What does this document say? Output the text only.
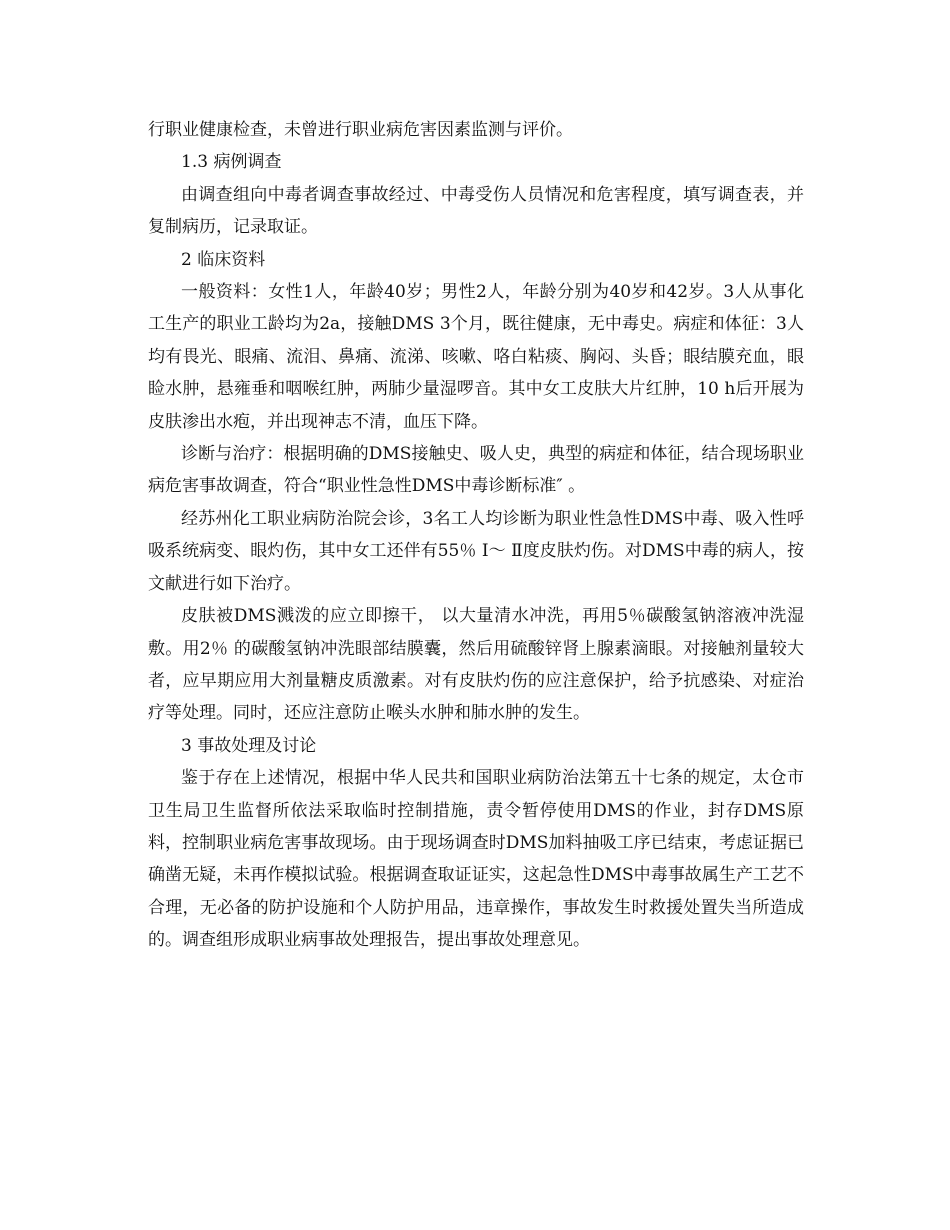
行职业健康检查，未曾进行职业病危害因素监测与评价。

1.3 病例调查

由调查组向中毒者调查事故经过、中毒受伤人员情况和危害程度，填写调查表，并复制病历，记录取证。

2 临床资料

一般资料：女性1人，年龄40岁；男性2人，年龄分别为40岁和42岁。3人从事化工生产的职业工龄均为2a，接触DMS 3个月，既往健康，无中毒史。病症和体征：3人均有畏光、眼痛、流泪、鼻痛、流涕、咳嗽、咯白粘痰、胸闷、头昏；眼结膜充血，眼睑水肿，悬雍垂和咽喉红肿，两肺少量湿啰音。其中女工皮肤大片红肿，10 h后开展为皮肤渗出水疱，并出现神志不清，血压下降。

诊断与治疗：根据明确的DMS接触史、吸人史，典型的病症和体征，结合现场职业病危害事故调查，符合“职业性急性DMS中毒诊断标准″ 。

经苏州化工职业病防治院会诊，3名工人均诊断为职业性急性DMS中毒、吸入性呼吸系统病变、眼灼伤，其中女工还伴有55％ Ⅰ～ Ⅱ度皮肤灼伤。对DMS中毒的病人，按文献进行如下治疗。

皮肤被DMS溅泼的应立即擦干， 以大量清水冲洗，再用5％碳酸氢钠溶液冲洗湿敷。用2％ 的碳酸氢钠冲洗眼部结膜囊，然后用硫酸锌肾上腺素滴眼。对接触剂量较大者，应早期应用大剂量糖皮质激素。对有皮肤灼伤的应注意保护，给予抗感染、对症治疗等处理。同时，还应注意防止喉头水肿和肺水肿的发生。

3 事故处理及讨论

鉴于存在上述情况，根据中华人民共和国职业病防治法第五十七条的规定，太仓市卫生局卫生监督所依法采取临时控制措施，责令暂停使用DMS的作业，封存DMS原料，控制职业病危害事故现场。由于现场调查时DMS加料抽吸工序已结束，考虑证据已确凿无疑，未再作模拟试验。根据调查取证证实，这起急性DMS中毒事故属生产工艺不合理，无必备的防护设施和个人防护用品，违章操作，事故发生时救援处置失当所造成的。调查组形成职业病事故处理报告，提出事故处理意见。
